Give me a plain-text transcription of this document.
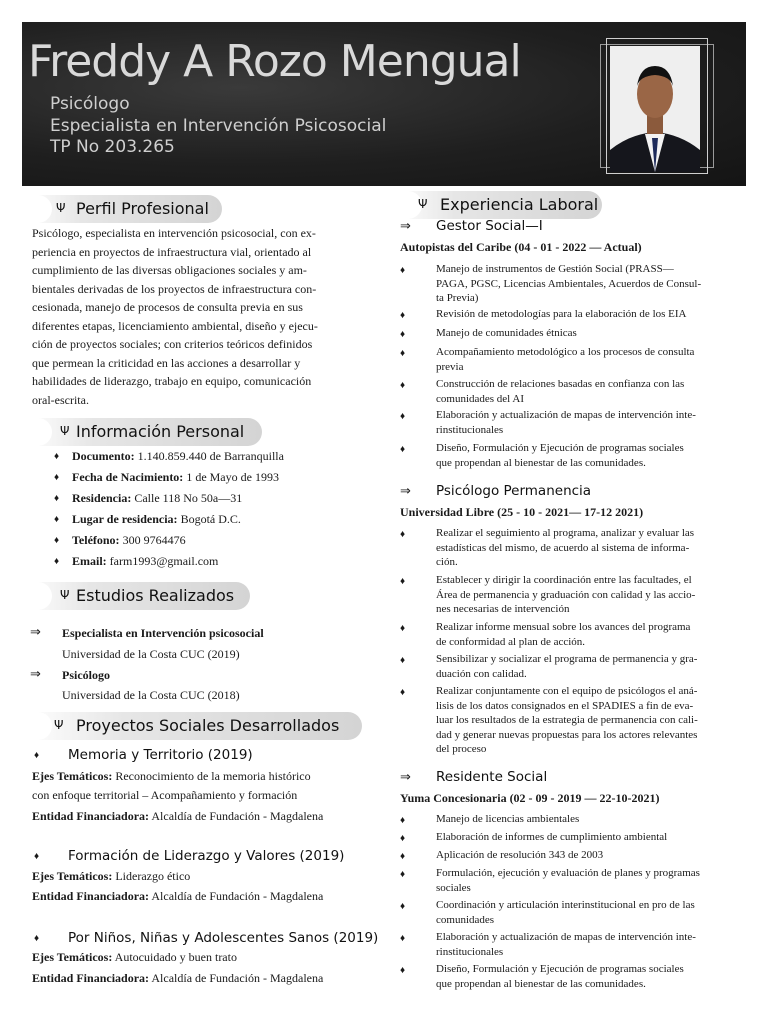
Freddy A Rozo Mengual
Psicólogo
Especialista en Intervención Psicosocial
TP No 203.265
Ψ Perfil Profesional
Psicólogo, especialista en intervención psicosocial, con ex-
periencia en proyectos de infraestructura vial, orientado al
cumplimiento de las diversas obligaciones sociales y am-
bientales derivadas de los proyectos de infraestructura con-
cesionada, manejo de procesos de consulta previa en sus
diferentes etapas, licenciamiento ambiental, diseño y ejecu-
ción de proyectos sociales; con criterios teóricos definidos
que permean la criticidad en las acciones a desarrollar y
habilidades de liderazgo, trabajo en equipo, comunicación
oral-escrita.
Ψ Información Personal
♦ Documento: 1.140.859.440 de Barranquilla
♦ Fecha de Nacimiento: 1 de Mayo de 1993
♦ Residencia: Calle 118 No 50a—31
♦ Lugar de residencia: Bogotá D.C.
♦ Teléfono: 300 9764476
♦ Email: farm1993@gmail.com
Ψ Estudios Realizados
⇒ Especialista en Intervención psicosocial
Universidad de la Costa CUC (2019)
⇒ Psicólogo
Universidad de la Costa CUC (2018)
Ψ Proyectos Sociales Desarrollados
♦ Memoria y Territorio (2019)
Ejes Temáticos: Reconocimiento de la memoria histórico
con enfoque territorial – Acompañamiento y formación
Entidad Financiadora: Alcaldía de Fundación - Magdalena
♦ Formación de Liderazgo y Valores (2019)
Ejes Temáticos: Liderazgo ético
Entidad Financiadora: Alcaldía de Fundación - Magdalena
♦ Por Niños, Niñas y Adolescentes Sanos (2019)
Ejes Temáticos: Autocuidado y buen trato
Entidad Financiadora: Alcaldía de Fundación - Magdalena
Ψ Experiencia Laboral
⇒ Gestor Social—I
Autopistas del Caribe (04 - 01 - 2022 — Actual)
♦	Manejo de instrumentos de Gestión Social (PRASS—
PAGA, PGSC, Licencias Ambientales, Acuerdos de Consul-
ta Previa)
♦	Revisión de metodologías para la elaboración de los EIA
♦	Manejo de comunidades étnicas
♦	Acompañamiento metodológico a los procesos de consulta
previa
♦	Construcción de relaciones basadas en confianza con las
comunidades del AI
♦	Elaboración y actualización de mapas de intervención inte-
rinstitucionales
♦	Diseño, Formulación y Ejecución de programas sociales
que propendan al bienestar de las comunidades.
⇒ Psicólogo Permanencia
Universidad Libre (25 - 10 - 2021— 17-12 2021)
♦	Realizar el seguimiento al programa, analizar y evaluar las
estadísticas del mismo, de acuerdo al sistema de informa-
ción.
♦	Establecer y dirigir la coordinación entre las facultades, el
Área de permanencia y graduación con calidad y las accio-
nes necesarias de intervención
♦	Realizar informe mensual sobre los avances del programa
de conformidad al plan de acción.
♦	Sensibilizar y socializar el programa de permanencia y gra-
duación con calidad.
♦	Realizar conjuntamente con el equipo de psicólogos el aná-
lisis de los datos consignados en el SPADIES a fin de eva-
luar los resultados de la estrategia de permanencia con cali-
dad y generar nuevas propuestas para los actores relevantes
del proceso
⇒ Residente Social
Yuma Concesionaria (02 - 09 - 2019 — 22-10-2021)
♦	Manejo de licencias ambientales
♦	Elaboración de informes de cumplimiento ambiental
♦	Aplicación de resolución 343 de 2003
♦	Formulación, ejecución y evaluación de planes y programas
sociales
♦	Coordinación y articulación interinstitucional en pro de las
comunidades
♦	Elaboración y actualización de mapas de intervención inte-
rinstitucionales
♦	Diseño, Formulación y Ejecución de programas sociales
que propendan al bienestar de las comunidades.
